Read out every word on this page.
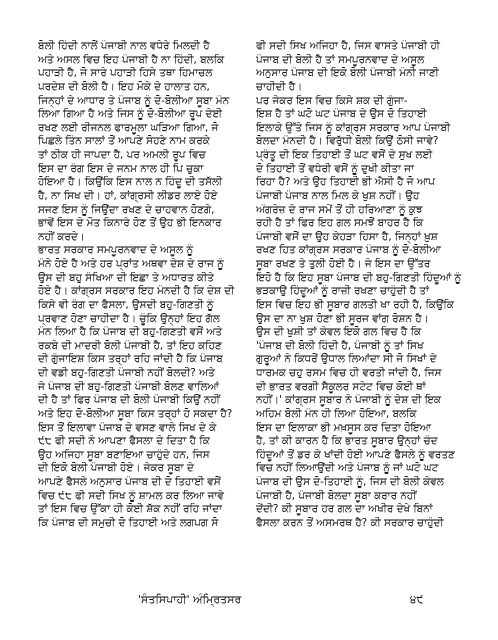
ਬੋਲੀ ਹਿੰਦੀ ਨਾਲੋਂ ਪੰਜਾਬੀ ਨਾਲ ਵਧੇਰੇ ਮਿਲਦੀ ਹੈ
ਅਤੇ ਅਸਲ ਵਿਚ ਇਹ ਪੰਜਾਬੀ ਹੈ ਨਾ ਹਿੰਦੀ, ਬਲਕਿ
ਪਹਾੜੀ ਹੈ, ਜੋ ਸਾਰੇ ਪਹਾੜੀ ਹਿਸੇ ਤਥਾ ਹਿਮਾਚਲ
ਪਰਦੇਸ਼ ਦੀ ਬੋਲੀ ਹੈ। ਇਹ ਮੋਕੇ ਦੇ ਹਾਲਾਤ ਹਨ,
ਜਿਨ੍ਹਾਂ ਦੇ ਆਧਾਰ ਤੇ ਪੰਜਾਬ ਨੂੰ ਦੋ-ਬੋਲੀਆ ਸੂਬਾ ਮੰਨ
ਲਿਆ ਗਿਆ ਹੈ ਅਤੇ ਜਿਸ ਨੂੰ ਦੋ-ਬੋਲੀਆ ਰੂਪ ਦੇਈ
ਰਖਣ ਲਈ ਰੀਜਨਲ ਫਾਰਮੂਲਾ ਘੜਿਆ ਗਿਆ, ਜੋ
ਪਿਛਲੇ ਤਿੰਨ ਸਾਲਾਂ ਤੋਂ ਆਪਣੇ ਸੋਹਣੇ ਨਾਮ ਕਰਕੇ
ਤਾਂ ਠੀਕ ਹੀ ਜਾਪਦਾ ਹੈ, ਪਰ ਅਮਲੀ ਰੂਪ ਵਿਚ
ਇਸ ਦਾ ਰੰਗ ਇਸ ਦੇ ਜਨਮ ਨਾਲ ਹੀ ਪਿ ਚੁਕਾ
ਹੋਇਆ ਹੈ। ਕਿਉਂਕਿ ਇਸ ਨਾਲ ਨ ਹਿੰਦੂ ਦੀ ਤਸੱਲੀ
ਹੈ, ਨਾ ਸਿਖ ਦੀ। ਹਾਂ, ਕਾਂਗ੍ਰਸੀ ਲੀਡਰ ਲਾਏ ਹੋਏ
ਸਜਣ ਇਸ ਨੂੰ ਜਿਉਂਦਾ ਰਖਣ ਦੇ ਚਾਹਵਾਨ ਹੋਣਗੇ,
ਭਾਵੇਂ ਇਸ ਦੇ ਮੌਤ ਕਿਨਾਰੇ ਹੋਣ ਤੋਂ ਉਹ ਭੀ ਇਨਕਾਰ
ਨਹੀਂ ਕਰਦੇ।
ਭਾਰਤ ਸਰਕਾਰ ਸਮਪੂਰਨਵਾਦ ਦੇ ਅਸੂਲ ਨੂੰ
ਮੰਨੇ ਹੋਏ ਹੈ ਅਤੇ ਹਰ ਪ੍ਰਾਂਤ ਅਥਵਾ ਦੇਸ਼ ਦੇ ਰਾਜ ਨੂੰ
ਉਸ ਦੀ ਬਹੁ ਸੰਖਿਆ ਦੀ ਇਛਾ ਤੇ ਅਧਾਰਤ ਕੀਤੇ
ਹੋਏ ਹੈ। ਕਾਂਗ੍ਰਸ ਸਰਕਾਰ ਇਹ ਮੰਨਦੀ ਹੈ ਕਿ ਦੇਸ਼ ਦੀ
ਕਿਸੇ ਵੀ ਰੰਗ ਦਾ ਫੈਸਲਾ, ਉਸਦੀ ਬਹੁ-ਗਿਣਤੀ ਨੂੰ
ਪ੍ਰਵਾਣ ਹੋਣਾ ਚਾਹੀਦਾ ਹੈ। ਚੂੰਕਿ ਉਨ੍ਹਾਂ ਇਹ ਗੱਲ
ਮੰਨ ਲਿਆ ਹੈ ਕਿ ਪੰਜਾਬ ਦੀ ਬਹੁ-ਗਿਣਤੀ ਵਸੋਂ ਅਤੇ
ਰਕਬੇ ਦੀ ਮਾਦਰੀ ਬੋਲੀ ਪੰਜਾਬੀ ਹੈ, ਤਾਂ ਇਹ ਕਹਿਣ
ਦੀ ਗੁੰਜਾਇਸ਼ ਕਿਸ ਤਰ੍ਹਾਂ ਰਹਿ ਜਾਂਦੀ ਹੈ ਕਿ ਪੰਜਾਬ
ਦੀ ਵਡੀ ਬਹੁ-ਗਿਣਤੀ ਪੰਜਾਬੀ ਨਹੀਂ ਬੋਲਦੀ? ਅਤੇ
ਜੇ ਪੰਜਾਬ ਦੀ ਬਹੁ-ਗਿਣਤੀ ਪੰਜਾਬੀ ਬੋਲਣ ਵਾਲਿਆਂ
ਦੀ ਹੈ ਤਾਂ ਫਿਰ ਪੰਜਾਬ ਦੀ ਬੋਲੀ ਪੰਜਾਬੀ ਕਿਉਂ ਨਹੀਂ
ਅਤੇ ਇਹ ਦੋ-ਬੋਲੀਆ ਸੂਬਾ ਕਿਸ ਤਰ੍ਹਾਂ ਹੋ ਸਕਦਾ ਹੈ?
ਇਸ ਤੋਂ ਇਲਾਵਾ ਪੰਜਾਬ ਦੇ ਵਸਣ ਵਾਲੇ ਸਿਖ ਦੇ ਕੇ
੯੮ ਫੀ ਸਦੀ ਨੇ ਆਪਣਾ ਫੈਸਲਾ ਦੇ ਦਿਤਾ ਹੈ ਕਿ
ਉਹ ਅਜਿਹਾ ਸੂਬਾ ਬਣਾਇਆ ਚਾਹੁੰਦੇ ਹਨ, ਜਿਸ
ਦੀ ਇਕੋ ਬੋਲੀ ਪੰਜਾਬੀ ਹੋਏ। ਜੇਕਰ ਸੂਬਾ ਦੇ
ਆਪਣੇ ਫੈਸਲੇ ਅਨੁਸਾਰ ਪੰਜਾਬ ਦੀ ਦੋ ਤਿਹਾਈ ਵਸੋਂ
ਵਿਚ ੯੮ ਫੀ ਸਦੀ ਸਿਖ ਨੂੰ ਸ਼ਾਮਲ ਕਰ ਲਿਆ ਜਾਵੇ
ਤਾਂ ਇਸ ਵਿਚ ਉੱਕਾ ਹੀ ਕੋਈ ਸ਼ੱਕ ਨਹੀਂ ਰਹਿ ਜਾਂਦਾ
ਕਿ ਪੰਜਾਬ ਦੀ ਸਮੁਚੀ ਦੋ ਤਿਹਾਈ ਅਤੇ ਲਗਪਗ ਸੋ
ਫੀ ਸਦੀ ਸਿਖ ਅਜਿਹਾ ਹੈ, ਜਿਸ ਵਾਸਤੇ ਪੰਜਾਬੀ ਹੀ
ਪੰਜਾਬ ਦੀ ਬੋਲੀ ਹੈ ਤਾਂ ਸਮਪੂਰਨਵਾਦ ਦੇ ਅਸੂਲ
ਅਨੁਸਾਰ ਪੰਜਾਬ ਦੀ ਇਕੋ ਬੋਲੀ ਪੰਜਾਬੀ ਮੰਨੀ ਜਾਣੀ
ਚਾਹੀਦੀ ਹੈ।
ਪਰ ਜੇਕਰ ਇਸ ਵਿਚ ਕਿਸੇ ਸ਼ਕ ਦੀ ਗੁੰਜਾ-
ਇਸ਼ ਹੈ ਤਾਂ ਘਟੋ ਘਟ ਪੰਜਾਬ ਦੇ ਉਸ ਦੋ ਤਿਹਾਈ
ਇਲਾਕੇ ਉੱਤੇ ਜਿਸ ਨੂੰ ਕਾਂਗ੍ਰਸ ਸਰਕਾਰ ਆਪ ਪੰਜਾਬੀ
ਬੋਲਦਾ ਮੰਨਦੀ ਹੈ। ਵਿਰੁੱਧੀ ਬੋਲੀ ਕਿਉਂ ਠੋਸੀ ਜਾਵੇ?
ਪ੍ਰੰਤੂ ਦੀ ਇਕ ਤਿਹਾਈ ਤੋਂ ਘਟ ਵਸੋਂ ਦੇ ਸੁਖ ਲਈ
ਦੋ ਤਿਹਾਈ ਤੋਂ ਵਧੇਰੀ ਵਸੋਂ ਨੂੰ ਦੁਖੀ ਕੀਤਾ ਜਾ
ਰਿਹਾ ਹੈ? ਅਤੇ ਉਹ ਤਿਹਾਈ ਭੀ ਐਸੀ ਹੈ ਜੋ ਆਪ
ਪੰਜਾਬੀ ਪੰਜਾਬ ਨਾਲ ਮਿਲ ਕੇ ਖੁਸ਼ ਨਹੀਂ। ਉਹ
ਅੰਗਰੇਜ਼ ਦੇ ਰਾਜ ਸਮੇਂ ਤੋਂ ਹੀ ਹਰਿਆਣਾ ਨੂੰ ਕੁਝ
ਰਹੀ ਹੈ ਤਾਂ ਫਿਰ ਇਹ ਗਲ ਸਮਝੋਂ ਬਾਹਰ ਹੈ ਕਿ
ਪੰਜਾਬੀ ਵਸੋਂ ਦਾ ਉਹ ਕੇਹੜਾ ਹਿਸਾ ਹੈ, ਜਿਨ੍ਹਾਂ ਖ਼ੁਸ਼
ਰਖਣ ਹਿਤ ਕਾਂਗ੍ਰਸ ਸਰਕਾਰ ਪੰਜਾਬ ਨੂੰ ਦੋ-ਬੋਲੀਆ
ਸੂਬਾ ਰਖਣ ਤੇ ਤੁਲੀ ਹੋਈ ਹੈ। ਜੇ ਇਸ ਦਾ ਉੱਤਰ
ਇਹੋ ਹੈ ਕਿ ਇਹ ਸੂਬਾ ਪੰਜਾਬ ਦੀ ਬਹੁ-ਗਿਣਤੀ ਹਿੰਦੂਆਂ ਨੂੰ
ਭੜਕਾਉ ਹਿੰਦੂਆਂ ਨੂੰ ਰਾਜ਼ੀ ਰਖਣਾ ਚਾਹੁੰਦੀ ਹੈ ਤਾਂ
ਇਸ ਵਿਚ ਇਹ ਭੀ ਸੂਬਾਰ ਗਲਤੀ ਖਾ ਰਹੀ ਹੈ, ਕਿਉਂਕਿ
ਉਸ ਦਾ ਨਾ ਖੁਸ਼ ਹੋਣਾ ਭੀ ਸੂਰਜ ਵਾਂਗ ਰੋਸ਼ਨ ਹੈ।
ਉਸ ਦੀ ਖੁਸ਼ੀ ਤਾਂ ਕੇਵਲ ਇਕੋ ਗਲ ਵਿਚ ਹੈ ਕਿ
'ਪੰਜਾਬ ਦੀ ਬੋਲੀ ਹਿੰਦੀ ਹੈ, ਪੰਜਾਬੀ ਨੂੰ ਤਾਂ ਸਿਖ
ਗੁਰੂਆਂ ਨੇ ਕਿਧਰੋਂ ਉਧਾਲ ਲਿਆਂਦਾ ਸੀ ਜੋ ਸਿਖਾਂ ਦੇ
ਧਾਰਮਕ ਚਹੁ ਰਸਮ ਵਿਚ ਹੀ ਵਰਤੀ ਜਾਂਦੀ ਹੈ, ਜਿਸ
ਦੀ ਭਾਰਤ ਵਰਗੀ ਸੈਕੂਲਰ ਸਟੇਟ ਵਿਚ ਕੋਈ ਥਾਂ
ਨਹੀਂ।' ਕਾਂਗ੍ਰਸ ਸੂਬਾਰ ਨੇ ਪੰਜਾਬੀ ਨੂੰ ਦੇਸ਼ ਦੀ ਇਕ
ਅਹਿਮ ਬੋਲੀ ਮੰਨ ਹੀ ਲਿਆ ਹੋਇਆ, ਬਲਕਿ
ਇਸ ਦਾ ਇਲਾਕਾ ਭੀ ਮਖ਼ਸੂਸ ਕਰ ਦਿਤਾ ਹੋਇਆ
ਹੈ, ਤਾਂ ਕੀ ਕਾਰਨ ਹੈ ਕਿ ਭਾਰਤ ਸੂਬਾਰ ਉਨ੍ਹਾਂ ਚੰਦ
ਹਿੰਦੂਆਂ ਤੋਂ ਡਰ ਕੇ ਖਾਂਦੀ ਹੋਈ ਆਪਣੇ ਫੈਸਲੇ ਨੂੰ ਵਰਤਣ
ਵਿਚ ਨਹੀਂ ਲਿਆਉਂਦੀ ਅਤੇ ਪੰਜਾਬ ਨੂੰ ਜਾਂ ਘਟੋ ਘਟ
ਪੰਜਾਬ ਦੀ ਉਸ ਦੋ-ਤਿਹਾਈ ਨੂੰ, ਜਿਸ ਦੀ ਬੋਲੀ ਕੇਵਲ
ਪੰਜਾਬੀ ਹੈ, ਪੰਜਾਬੀ ਬੋਲਦਾ ਸੂਬਾ ਕਰਾਰ ਨਹੀਂ
ਦੇਂਦੀ? ਕੀ ਸੂਬਾਰ ਹਰ ਗਲ ਦਾ ਅਖੀਰ ਦੇਖੇ ਬਿਨਾਂ
ਫੈਸਲਾ ਕਰਨ ਤੋਂ ਅਸਮਰਥ ਹੈ? ਕੀ ਸਰਕਾਰ ਚਾਹੁੰਦੀ
'ਸੰਤਸਿਪਾਹੀ' ਅੰਮ੍ਰਿਤਸਰ	੪੯
